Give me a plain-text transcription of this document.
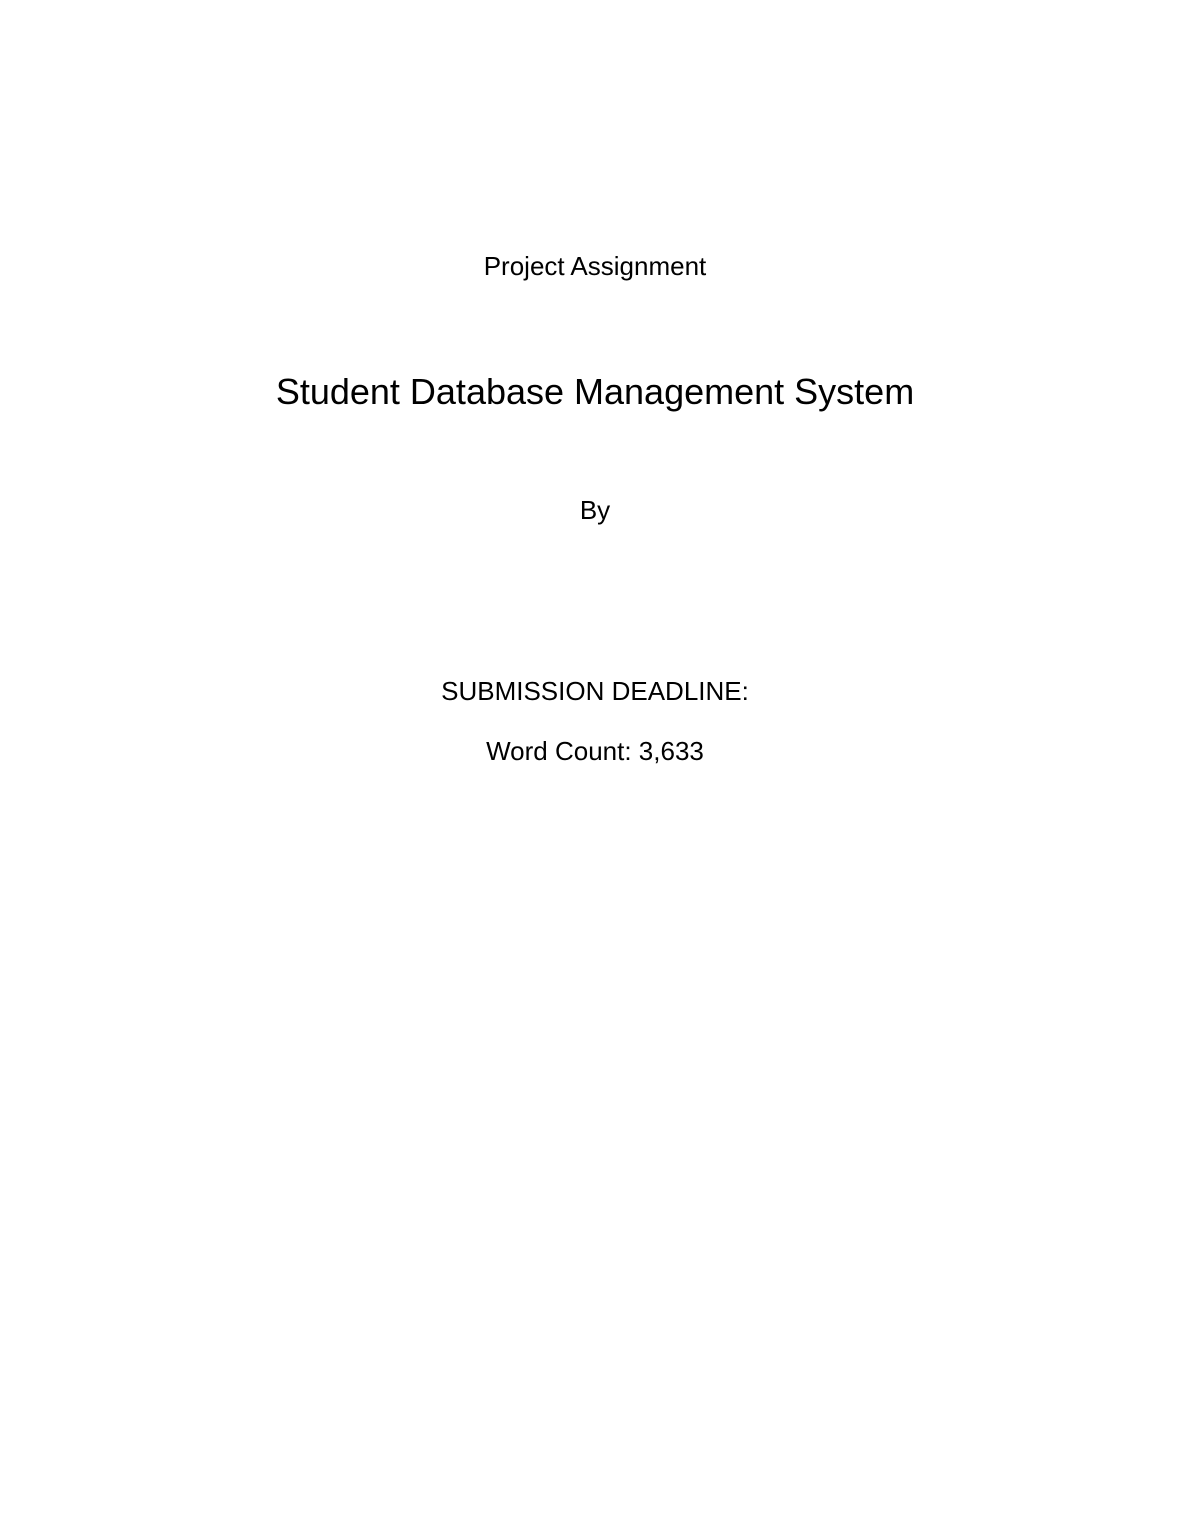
Project Assignment
Student Database Management System
By
SUBMISSION DEADLINE:
Word Count: 3,633
